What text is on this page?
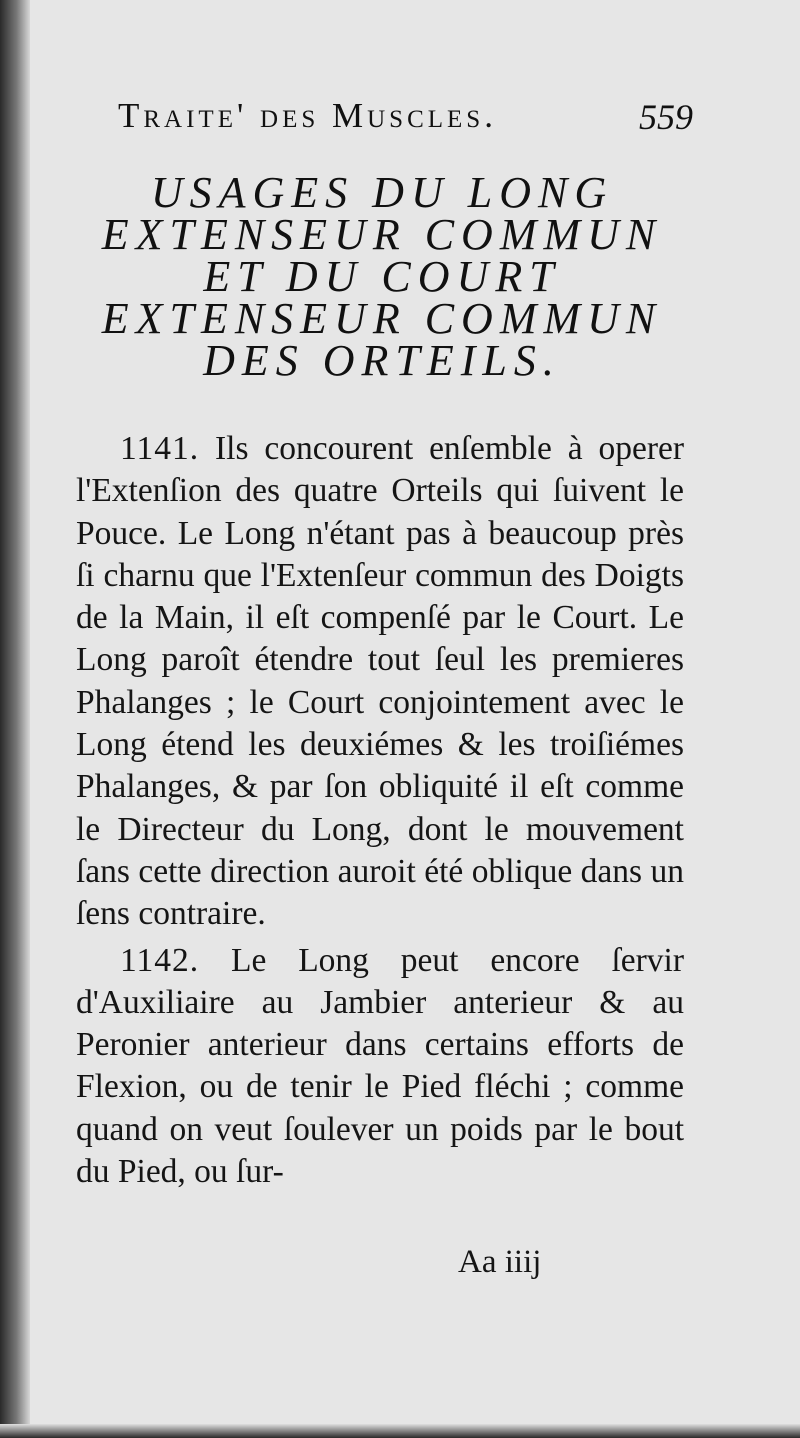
Traite' des Muscles.	559
USAGES DU LONG
EXTENSEUR COMMUN
ET DU COURT
EXTENSEUR COMMUN
DES ORTEILS.

1141. Ils concourent enſemble à operer l'Extenſion des quatre Orteils qui ſuivent le Pouce. Le Long n'étant pas à beaucoup près ſi charnu que l'Extenſeur commun des Doigts de la Main, il eſt compenſé par le Court. Le Long paroît étendre tout ſeul les premieres Phalanges ; le Court conjointement avec le Long étend les deuxiémes & les troiſiémes Phalanges, & par ſon obliquité il eſt comme le Directeur du Long, dont le mouvement ſans cette direction auroit été oblique dans un ſens contraire.

1142. Le Long peut encore ſervir d'Auxiliaire au Jambier anterieur & au Peronier anterieur dans certains efforts de Flexion, ou de tenir le Pied fléchi ; comme quand on veut ſoulever un poids par le bout du Pied, ou ſur-

Aa iiij
